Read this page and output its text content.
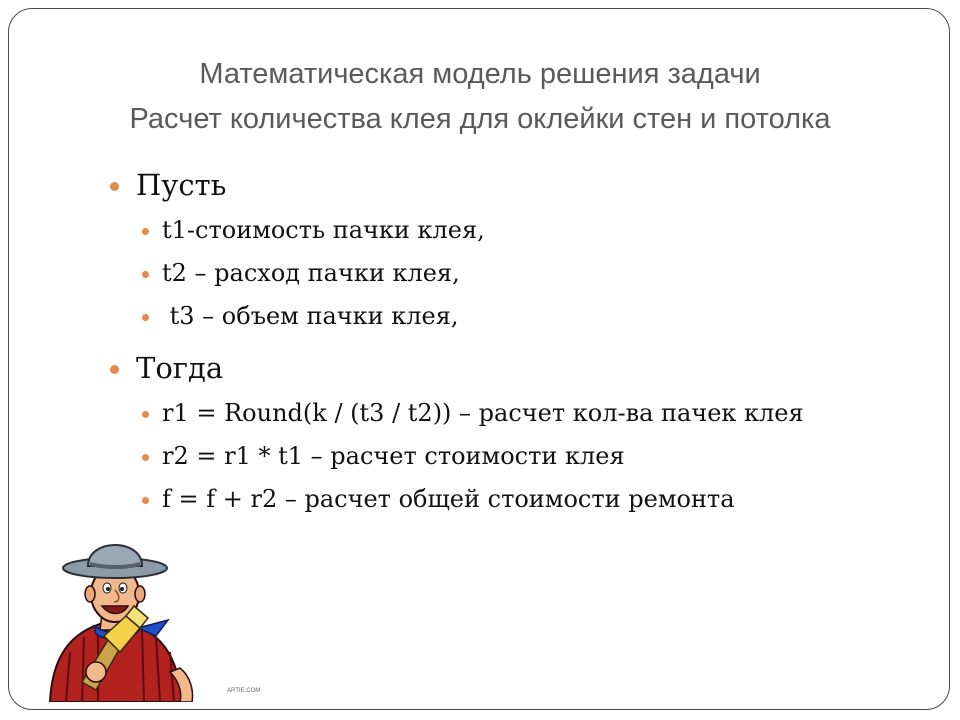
Математическая модель решения задачи
Расчет количества клея для оклейки стен и потолка
Пусть
t1-стоимость пачки клея,
t2 – расход пачки клея,
t3 – объем пачки клея,
Тогда
r1 = Round(k / (t3 / t2)) – расчет кол-ва пачек клея
r2 = r1 * t1 – расчет стоимости клея
f = f + r2 – расчет общей стоимости ремонта
ARTIE.COM
